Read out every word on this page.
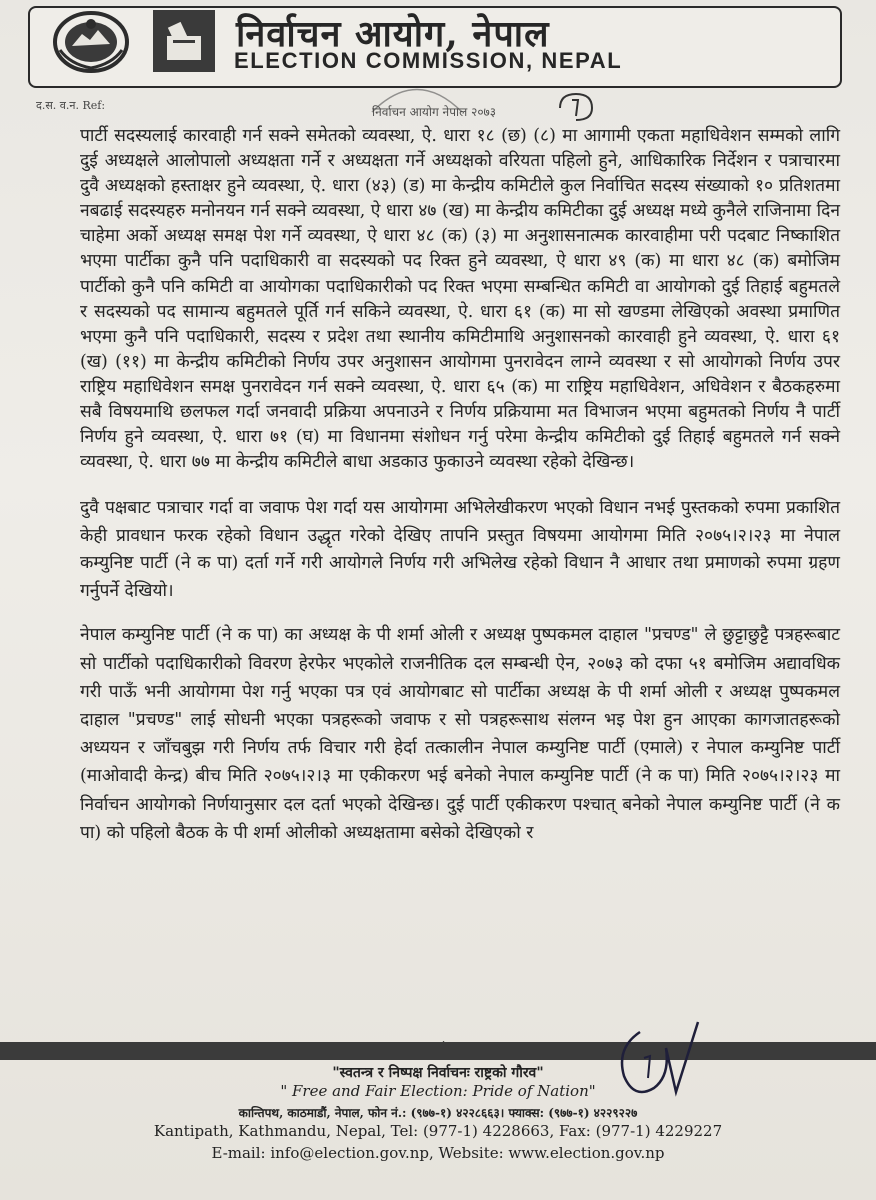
निर्वाचन आयोग, नेपाल
ELECTION COMMISSION, NEPAL
निर्वाचन आयोग नेपाल २०७३
द.स. व.न. Ref:

पार्टी सदस्यलाई कारवाही गर्न सक्ने समेतको व्यवस्था, ऐ. धारा १८ (छ) (८) मा आगामी एकता महाधिवेशन सम्मको लागि दुई अध्यक्षले आलोपालो अध्यक्षता गर्ने र अध्यक्षता गर्ने अध्यक्षको वरियता पहिलो हुने, आधिकारिक निर्देशन र पत्राचारमा दुवै अध्यक्षको हस्ताक्षर हुने व्यवस्था, ऐ. धारा (४३) (ड) मा केन्द्रीय कमिटीले कुल निर्वाचित सदस्य संख्याको १० प्रतिशतमा नबढाई सदस्यहरु मनोनयन गर्न सक्ने व्यवस्था, ऐ धारा ४७ (ख) मा केन्द्रीय कमिटीका दुई अध्यक्ष मध्ये कुनैले राजिनामा दिन चाहेमा अर्को अध्यक्ष समक्ष पेश गर्ने व्यवस्था, ऐ धारा ४८ (क) (३) मा अनुशासनात्मक कारवाहीमा परी पदबाट निष्काशित भएमा पार्टीका कुनै पनि पदाधिकारी वा सदस्यको पद रिक्त हुने व्यवस्था, ऐ धारा ४९ (क) मा धारा ४८ (क) बमोजिम पार्टीको कुनै पनि कमिटी वा आयोगका पदाधिकारीको पद रिक्त भएमा सम्बन्धित कमिटी वा आयोगको दुई तिहाई बहुमतले र सदस्यको पद सामान्य बहुमतले पूर्ति गर्न सकिने व्यवस्था, ऐ. धारा ६१ (क) मा सो खण्डमा लेखिएको अवस्था प्रमाणित भएमा कुनै पनि पदाधिकारी, सदस्य र प्रदेश तथा स्थानीय कमिटीमाथि अनुशासनको कारवाही हुने व्यवस्था, ऐ. धारा ६१ (ख) (११) मा केन्द्रीय कमिटीको निर्णय उपर अनुशासन आयोगमा पुनरावेदन लाग्ने व्यवस्था र सो आयोगको निर्णय उपर राष्ट्रिय महाधिवेशन समक्ष पुनरावेदन गर्न सक्ने व्यवस्था, ऐ. धारा ६५ (क) मा राष्ट्रिय महाधिवेशन, अधिवेशन र बैठकहरुमा सबै विषयमाथि छलफल गर्दा जनवादी प्रक्रिया अपनाउने र निर्णय प्रक्रियामा मत विभाजन भएमा बहुमतको निर्णय नै पार्टी निर्णय हुने व्यवस्था, ऐ. धारा ७१ (घ) मा विधानमा संशोधन गर्नु परेमा केन्द्रीय कमिटीको दुई तिहाई बहुमतले गर्न सक्ने व्यवस्था, ऐ. धारा ७७ मा केन्द्रीय कमिटीले बाधा अडकाउ फुकाउने व्यवस्था रहेको देखिन्छ।

दुवै पक्षबाट पत्राचार गर्दा वा जवाफ पेश गर्दा यस आयोगमा अभिलेखीकरण भएको विधान नभई पुस्तकको रुपमा प्रकाशित केही प्रावधान फरक रहेको विधान उद्धृत गरेको देखिए तापनि प्रस्तुत विषयमा आयोगमा मिति २०७५।२।२३ मा नेपाल कम्युनिष्ट पार्टी (ने क पा) दर्ता गर्ने गरी आयोगले निर्णय गरी अभिलेख रहेको विधान नै आधार तथा प्रमाणको रुपमा ग्रहण गर्नुपर्ने देखियो।

नेपाल कम्युनिष्ट पार्टी (ने क पा) का अध्यक्ष के पी शर्मा ओली र अध्यक्ष पुष्पकमल दाहाल "प्रचण्ड" ले छुट्टाछुट्टै पत्रहरूबाट सो पार्टीको पदाधिकारीको विवरण हेरफेर भएकोले राजनीतिक दल सम्बन्धी ऐन, २०७३ को दफा ५१ बमोजिम अद्यावधिक गरी पाऊँ भनी आयोगमा पेश गर्नु भएका पत्र एवं आयोगबाट सो पार्टीका अध्यक्ष के पी शर्मा ओली र अध्यक्ष पुष्पकमल दाहाल "प्रचण्ड" लाई सोधनी भएका पत्रहरूको जवाफ र सो पत्रहरूसाथ संलग्न भइ पेश हुन आएका कागजातहरूको अध्ययन र जाँचबुझ गरी निर्णय तर्फ विचार गरी हेर्दा तत्कालीन नेपाल कम्युनिष्ट पार्टी (एमाले) र नेपाल कम्युनिष्ट पार्टी (माओवादी केन्द्र) बीच मिति २०७५।२।३ मा एकीकरण भई बनेको नेपाल कम्युनिष्ट पार्टी (ने क पा) मिति २०७५।२।२३ मा निर्वाचन आयोगको निर्णयानुसार दल दर्ता भएको देखिन्छ। दुई पार्टी एकीकरण पश्चात् बनेको नेपाल कम्युनिष्ट पार्टी (ने क पा) को पहिलो बैठक के पी शर्मा ओलीको अध्यक्षतामा बसेको देखिएको र

"स्वतन्त्र र निष्पक्ष निर्वाचनः राष्ट्रको गौरव"
" Free and Fair Election: Pride of Nation"
कान्तिपथ, काठमाडौं, नेपाल, फोन नं.: (९७७-१) ४२२८६६३। फ्याक्स: (९७७-१) ४२२९२२७
Kantipath, Kathmandu, Nepal, Tel: (977-1) 4228663, Fax: (977-1) 4229227
E-mail: info@election.gov.np, Website: www.election.gov.np
